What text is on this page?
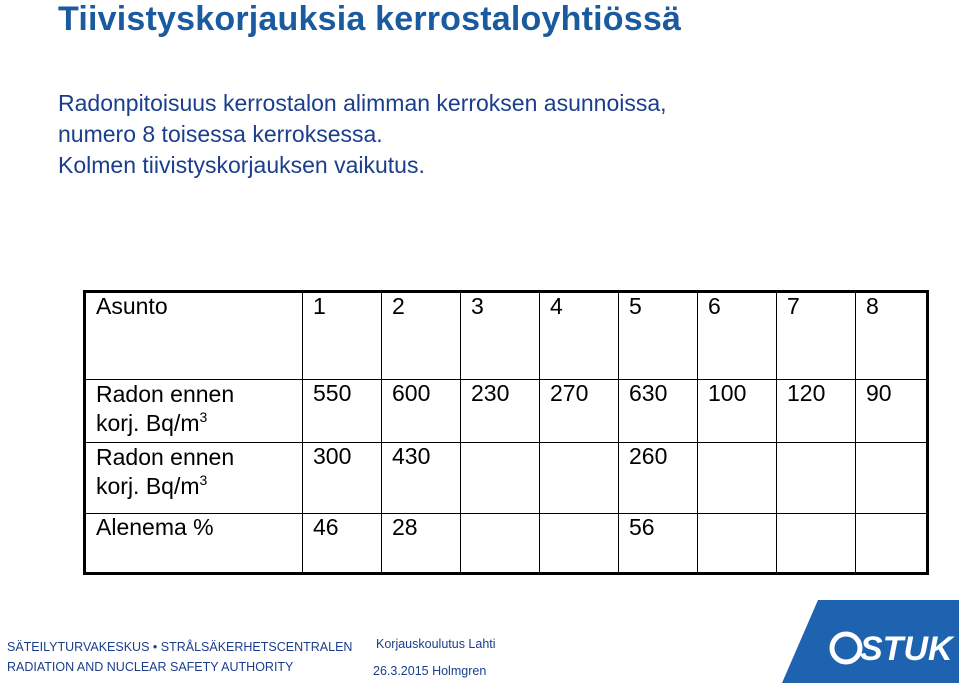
Tiivistyskorjauksia kerrostaloyhtiössä
Radonpitoisuus kerrostalon alimman kerroksen asunnoissa,
numero 8 toisessa kerroksessa.
Kolmen tiivistyskorjauksen vaikutus.
Asunto	1	2	3	4	5	6	7	8
Radon ennen
korj. $Bq/m^3$	550	600	230	270	630	100	120	90
Radon ennen
korj. $Bq/m^3$	300	430			260			
Alenema %	46	28			56			
SÄTEILYTURVAKESKUS • STRÅLSÄKERHETSCENTRALEN
RADIATION AND NUCLEAR SAFETY AUTHORITY
Korjauskoulutus Lahti
26.3.2015 Holmgren
STUK
